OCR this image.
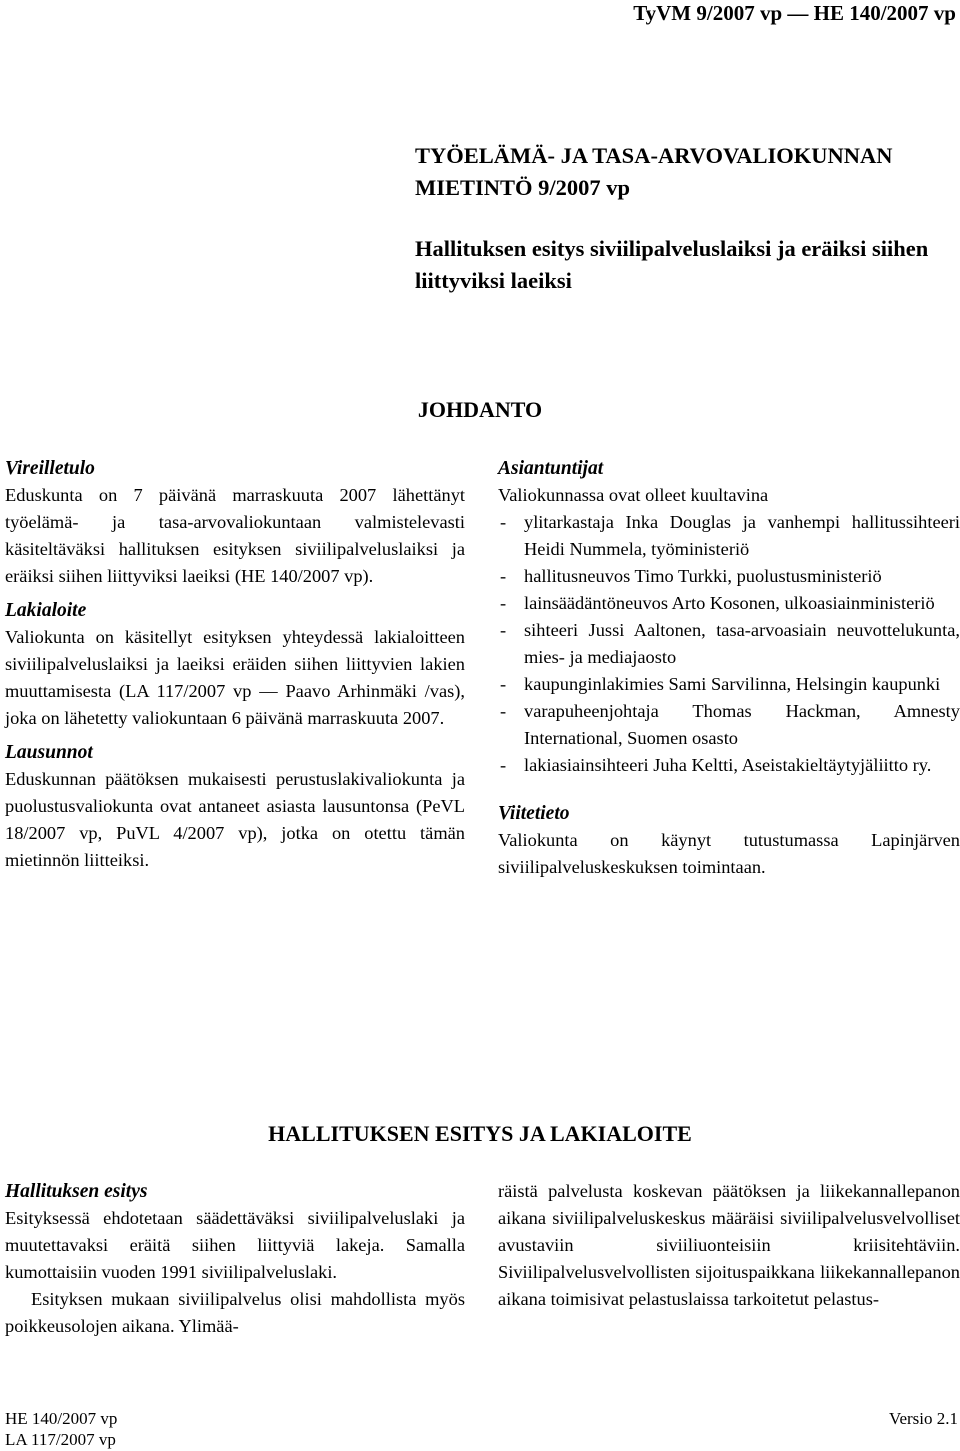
TyVM 9/2007 vp — HE 140/2007 vp
TYÖELÄMÄ- JA TASA-ARVOVALIOKUNNAN MIETINTÖ 9/2007 vp
Hallituksen esitys siviilipalveluslaiksi ja eräiksi siihen liittyviksi laeiksi
JOHDANTO
Vireilletulo

Eduskunta on 7 päivänä marraskuuta 2007 lähettänyt työelämä- ja tasa-arvovaliokuntaan valmistelevasti käsiteltäväksi hallituksen esityksen siviilipalveluslaiksi ja eräiksi siihen liittyviksi laeiksi (HE 140/2007 vp).

Lakialoite

Valiokunta on käsitellyt esityksen yhteydessä lakialoitteen siviilipalveluslaiksi ja laeiksi eräiden siihen liittyvien lakien muuttamisesta (LA 117/2007 vp — Paavo Arhinmäki /vas), joka on lähetetty valiokuntaan 6 päivänä marraskuuta 2007.

Lausunnot

Eduskunnan päätöksen mukaisesti perustuslakivaliokunta ja puolustusvaliokunta ovat antaneet asiasta lausuntonsa (PeVL 18/2007 vp, PuVL 4/2007 vp), jotka on otettu tämän mietinnön liitteiksi.

Asiantuntijat

Valiokunnassa ovat olleet kuultavina

- ylitarkastaja Inka Douglas ja vanhempi hallitussihteeri Heidi Nummela, työministeriö
- hallitusneuvos Timo Turkki, puolustusministeriö
- lainsäädäntöneuvos Arto Kosonen, ulkoasiainministeriö
- sihteeri Jussi Aaltonen, tasa-arvoasiain neuvottelukunta, mies- ja mediajaosto
- kaupunginlakimies Sami Sarvilinna, Helsingin kaupunki
- varapuheenjohtaja Thomas Hackman, Amnesty International, Suomen osasto
- lakiasiainsihteeri Juha Keltti, Aseistakieltäytyjäliitto ry.
Viitetieto

Valiokunta on käynyt tutustumassa Lapinjärven siviilipalveluskeskuksen toimintaan.

HALLITUKSEN ESITYS JA LAKIALOITE
Hallituksen esitys

Esityksessä ehdotetaan säädettäväksi siviilipalveluslaki ja muutettavaksi eräitä siihen liittyviä lakeja. Samalla kumottaisiin vuoden 1991 siviilipalveluslaki.

Esityksen mukaan siviilipalvelus olisi mahdollista myös poikkeusolojen aikana. Ylimää-

räistä palvelusta koskevan päätöksen ja liikekannallepanon aikana siviilipalveluskeskus määräisi siviilipalvelusvelvolliset avustaviin siviiliuonteisiin kriisitehtäviin. Siviilipalvelusvelvollisten sijoituspaikkana liikekannallepanon aikana toimisivat pelastuslaissa tarkoitetut pelastus-

HE 140/2007 vp
LA 117/2007 vp
Versio 2.1
